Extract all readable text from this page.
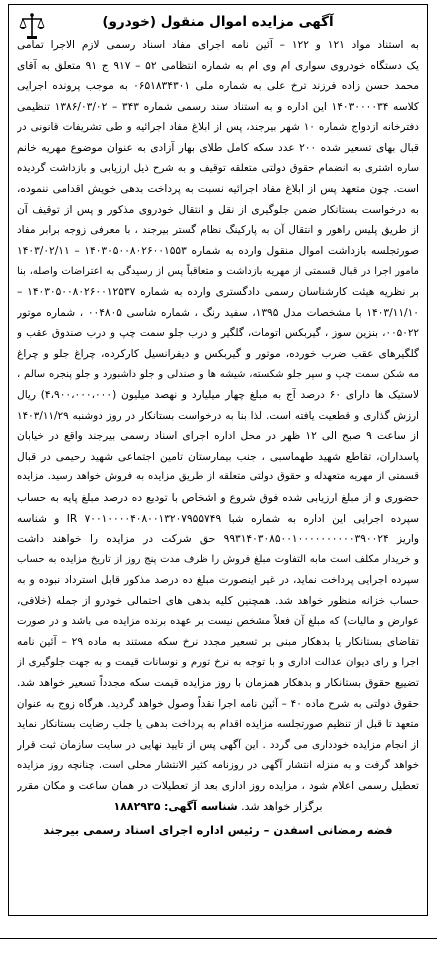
آگهی مزایده اموال منقول (خودرو)
به استناد مواد ۱۲۱ و ۱۲۲ – آئین نامه اجرای مفاد اسناد رسمی لازم الاجرا تمامی
یک دستگاه خودروی سواری ام وی ام به شماره انتظامی ۵۲ – ۹۱۷ ج ۹۱ متعلق به آقای
محمد حسن زاده فرزند ترخ علی به شماره ملی ۰۶۵۱۸۳۴۳۰۱ به موجب پرونده اجرایی
کلاسه ۱۴۰۳۰۰۰۰۳۴ این اداره و به استناد سند رسمی شماره ۳۴۳ – ۱۳۸۶/۰۳/۰۲ تنظیمی
دفترخانه ازدواج شماره ۱۰ شهر بیرجند، پس از ابلاغ مفاد اجرائیه و طی تشریفات قانونی در
قبال بهای تسعیر شده ۲۰۰ عدد سکه کامل طلای بهار آزادی به عنوان موضوع مهریه خانم
ساره اشتری به انضمام حقوق دولتی متعلقه توقیف و به شرح ذیل ارزیابی و بازداشت گردیده
است. چون متعهد پس از ابلاغ مفاد اجرائیه نسبت به پرداخت بدهی خویش اقدامی ننموده،
به درخواست بستانکار ضمن جلوگیری از نقل و انتقال خودروی مذکور و پس از توقیف آن
از طریق پلیس راهور و انتقال آن به پارکینگ نظام گستر بیرجند ، با معرفی زوجه برابر مفاد
صورتجلسه بازداشت اموال منقول وارده به شماره ۱۴۰۳۰۵۰۰۸۰۲۶۰۰۱۵۵۳ – ۱۴۰۳/۰۲/۱۱
مامور اجرا در قبال قسمتی از مهریه بازداشت و متعاقباً پس از رسیدگی به اعتراضات واصله، بنا
بر نظریه هیئت کارشناسان رسمی دادگستری وارده به شماره ۱۴۰۳۰۵۰۰۸۰۲۶۰۰۱۲۵۳۷ –
۱۴۰۳/۱۱/۱۰ با مشخصات مدل ۱۳۹۵، سفید رنگ ، شماره شاسی ۰۰۴۸۰۵ ، شماره موتور
۰۰۵۰۲۲، بنزین سوز ، گیربکس اتومات، گلگیر و درب جلو سمت چپ و درب صندوق عقب و
گلگیرهای عقب ضرب خورده، موتور و گیربکس و دیفرانسیل کارکرده، چراغ جلو و چراغ
مه شکن سمت چپ و سپر جلو شکسته، شیشه ها و صندلی و جلو داشبورد و جلو پنجره سالم ،
لاستیک ها دارای ۶۰ درصد آج به مبلغ چهار میلیارد و نهصد میلیون (۴،۹۰۰،۰۰۰،۰۰۰) ریال
ارزش گذاری و قطعیت یافته است. لذا بنا به درخواست بستانکار در روز دوشنبه ۱۴۰۳/۱۱/۲۹
از ساعت ۹ صبح الی ۱۲ ظهر در محل اداره اجرای اسناد رسمی بیرجند واقع در خیابان
پاسداران، تقاطع شهید طهماسبی ، جنب بیمارستان تامین اجتماعی شهید رحیمی در قبال
قسمتی از مهریه متعهدله و حقوق دولتی متعلقه از طریق مزایده به فروش خواهد رسید. مزایده
حضوری و از مبلغ ارزیابی شده فوق شروع و اشخاص با تودیع ده درصد مبلغ پایه به حساب
سپرده اجرایی این اداره به شماره شبا IR ۷۰۰۱۰۰۰۰۴۰۸۰۰۱۳۲۰۷۹۵۵۷۴۹ و شناسه
واریز ۹۹۳۱۴۰۳۰۸۵۰۰۱۰۰۰۰۰۰۰۰۰۰۳۹۰۰۲۴ حق شرکت در مزایده را خواهند داشت
و خریدار مکلف است مابه التفاوت مبلغ فروش را ظرف مدت پنج روز از تاریخ مزایده به حساب
سپرده اجرایی پرداخت نماید، در غیر اینصورت مبلغ ده درصد مذکور قابل استرداد نبوده و به
حساب خزانه منظور خواهد شد. همچنین کلیه بدهی های احتمالی خودرو از جمله (خلافی،
عوارض و مالیات) که مبلغ آن فعلاً مشخص نیست بر عهده برنده مزایده می باشد و در صورت
تقاضای بستانکار یا بدهکار مبنی بر تسعیر مجدد نرخ سکه مستند به ماده ۲۹ – آئین نامه
اجرا و رای دیوان عدالت اداری و با توجه به نرخ تورم و نوسانات قیمت و به جهت جلوگیری از
تضییع حقوق بستانکار و بدهکار همزمان با روز مزایده قیمت سکه مجدداً تسعیر خواهد شد.
حقوق دولتی به شرح ماده ۴۰ – آئین نامه اجرا نقداً وصول خواهد گردید. هرگاه زوج به عنوان
متعهد تا قبل از تنظیم صورتجلسه مزایده اقدام به پرداخت بدهی یا جلب رضایت بستانکار نماید
از انجام مزایده خودداری می گردد . این آگهی پس از تایید نهایی در سایت سازمان ثبت قرار
خواهد گرفت و به منزله انتشار آگهی در روزنامه کثیر الانتشار محلی است. چنانچه روز مزایده
تعطیل رسمی اعلام شود ، مزایده روز اداری بعد از تعطیلات در همان ساعت و مکان مقرر
برگزار خواهد شد. شناسه آگهی: ۱۸۸۲۹۳۵
فضه رمضانی اسفدن – رئیس اداره اجرای اسناد رسمی بیرجند
